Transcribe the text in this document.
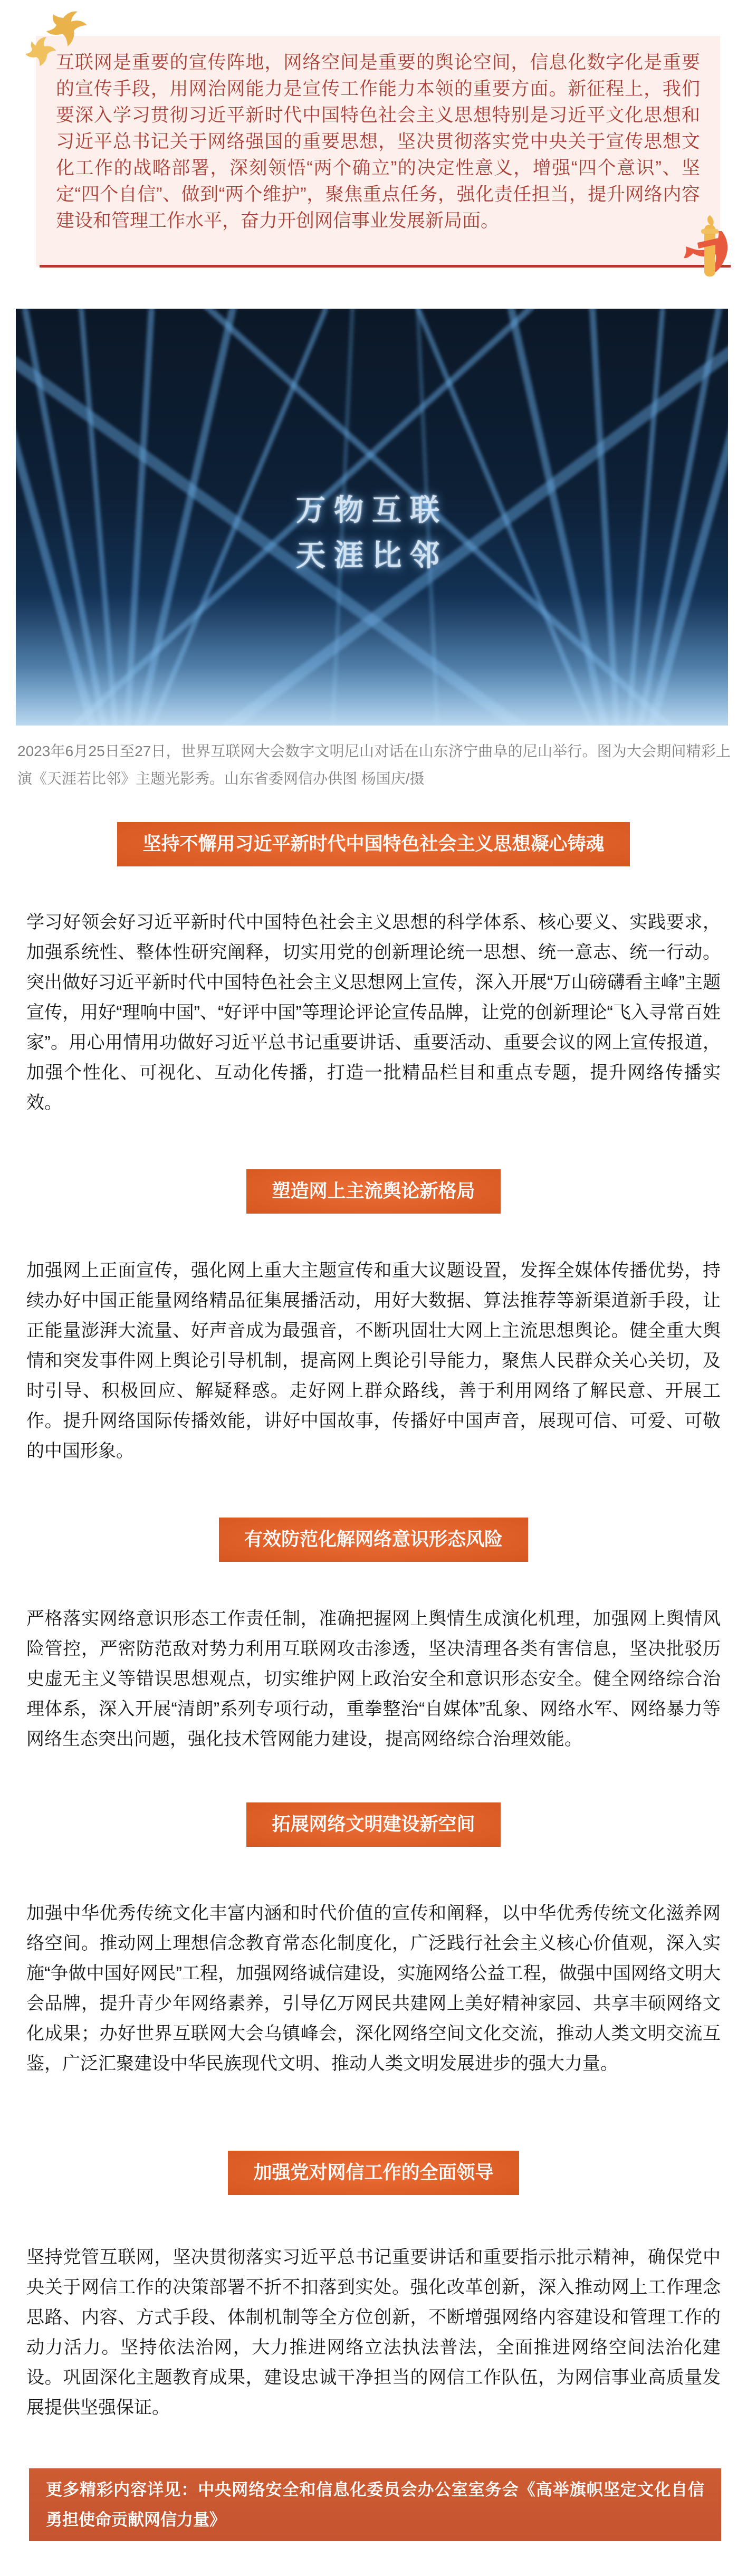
互联网是重要的宣传阵地，网络空间是重要的舆论空间，信息化数字化是重要的宣传手段，用网治网能力是宣传工作能力本领的重要方面。新征程上，我们要深入学习贯彻习近平新时代中国特色社会主义思想特别是习近平文化思想和习近平总书记关于网络强国的重要思想，坚决贯彻落实党中央关于宣传思想文化工作的战略部署，深刻领悟“两个确立”的决定性意义，增强“四个意识”、坚定“四个自信”、做到“两个维护”，聚焦重点任务，强化责任担当，提升网络内容建设和管理工作水平，奋力开创网信事业发展新局面。
万物互联
天涯比邻
2023年6月25日至27日，世界互联网大会数字文明尼山对话在山东济宁曲阜的尼山举行。图为大会期间精彩上演《天涯若比邻》主题光影秀。山东省委网信办供图 杨国庆/摄
坚持不懈用习近平新时代中国特色社会主义思想凝心铸魂
学习好领会好习近平新时代中国特色社会主义思想的科学体系、核心要义、实践要求，加强系统性、整体性研究阐释，切实用党的创新理论统一思想、统一意志、统一行动。突出做好习近平新时代中国特色社会主义思想网上宣传，深入开展“万山磅礴看主峰”主题宣传，用好“理响中国”、“好评中国”等理论评论宣传品牌，让党的创新理论“飞入寻常百姓家”。用心用情用功做好习近平总书记重要讲话、重要活动、重要会议的网上宣传报道，加强个性化、可视化、互动化传播，打造一批精品栏目和重点专题，提升网络传播实效。
塑造网上主流舆论新格局
加强网上正面宣传，强化网上重大主题宣传和重大议题设置，发挥全媒体传播优势，持续办好中国正能量网络精品征集展播活动，用好大数据、算法推荐等新渠道新手段，让正能量澎湃大流量、好声音成为最强音，不断巩固壮大网上主流思想舆论。健全重大舆情和突发事件网上舆论引导机制，提高网上舆论引导能力，聚焦人民群众关心关切，及时引导、积极回应、解疑释惑。走好网上群众路线，善于利用网络了解民意、开展工作。提升网络国际传播效能，讲好中国故事，传播好中国声音，展现可信、可爱、可敬的中国形象。
有效防范化解网络意识形态风险
严格落实网络意识形态工作责任制，准确把握网上舆情生成演化机理，加强网上舆情风险管控，严密防范敌对势力利用互联网攻击渗透，坚决清理各类有害信息，坚决批驳历史虚无主义等错误思想观点，切实维护网上政治安全和意识形态安全。健全网络综合治理体系，深入开展“清朗”系列专项行动，重拳整治“自媒体”乱象、网络水军、网络暴力等网络生态突出问题，强化技术管网能力建设，提高网络综合治理效能。
拓展网络文明建设新空间
加强中华优秀传统文化丰富内涵和时代价值的宣传和阐释，以中华优秀传统文化滋养网络空间。推动网上理想信念教育常态化制度化，广泛践行社会主义核心价值观，深入实施“争做中国好网民”工程，加强网络诚信建设，实施网络公益工程，做强中国网络文明大会品牌，提升青少年网络素养，引导亿万网民共建网上美好精神家园、共享丰硕网络文化成果；办好世界互联网大会乌镇峰会，深化网络空间文化交流，推动人类文明交流互鉴，广泛汇聚建设中华民族现代文明、推动人类文明发展进步的强大力量。
加强党对网信工作的全面领导
坚持党管互联网，坚决贯彻落实习近平总书记重要讲话和重要指示批示精神，确保党中央关于网信工作的决策部署不折不扣落到实处。强化改革创新，深入推动网上工作理念思路、内容、方式手段、体制机制等全方位创新，不断增强网络内容建设和管理工作的动力活力。坚持依法治网，大力推进网络立法执法普法，全面推进网络空间法治化建设。巩固深化主题教育成果，建设忠诚干净担当的网信工作队伍，为网信事业高质量发展提供坚强保证。
更多精彩内容详见：中央网络安全和信息化委员会办公室室务会《高举旗帜坚定文化自信 勇担使命贡献网信力量》
